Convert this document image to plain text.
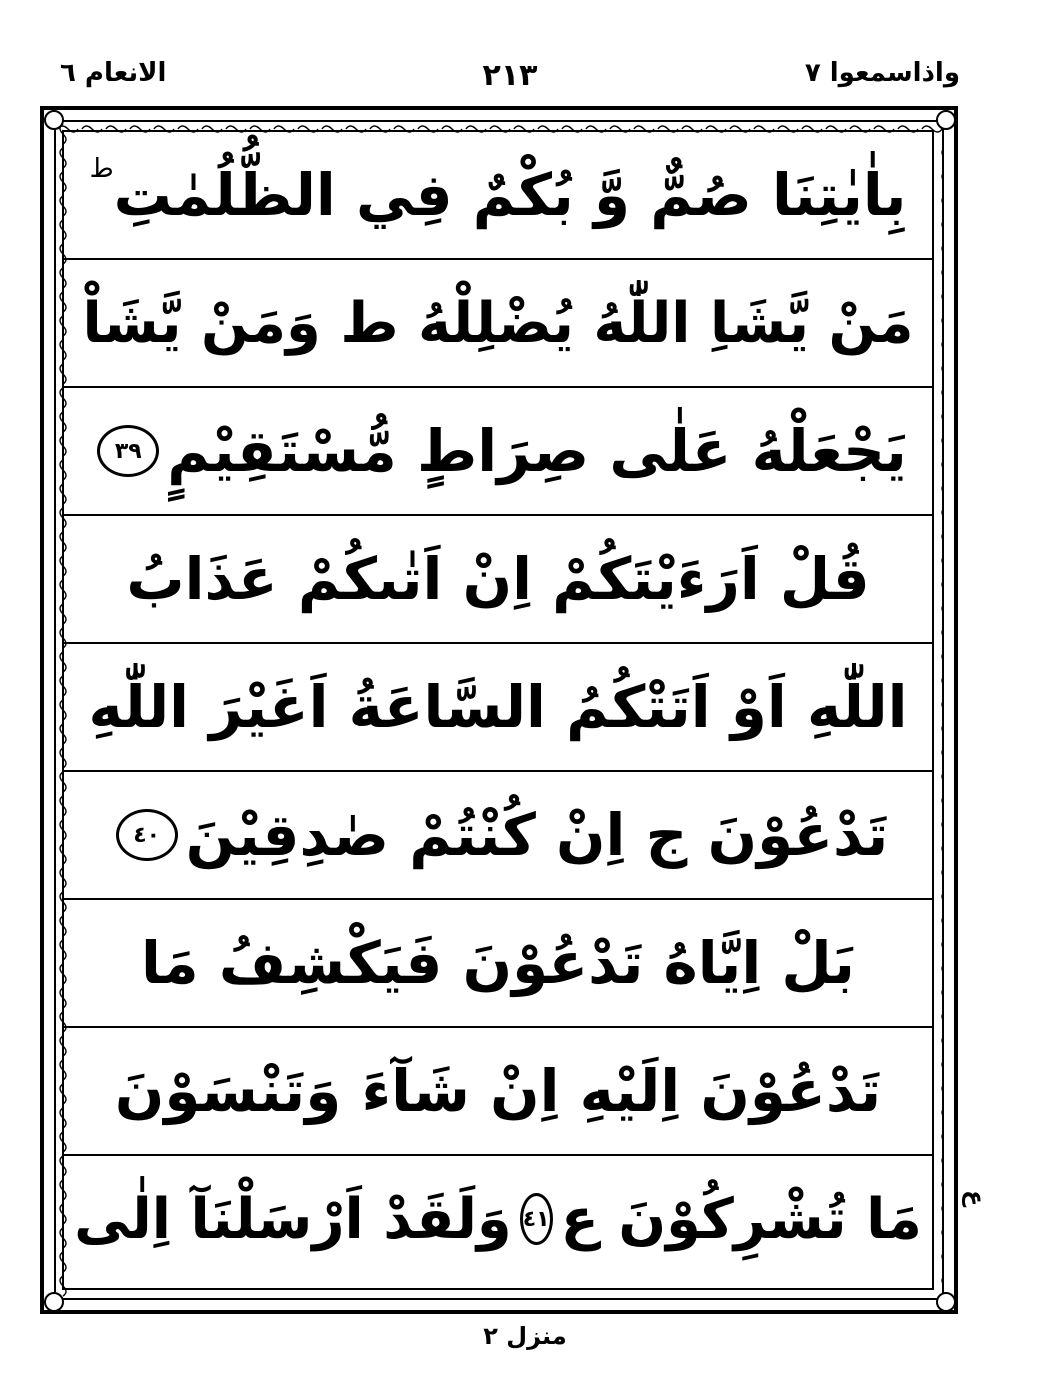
واذاسمعوا ٧
٢١٣
الانعام ٦
بِاٰيٰتِنَا صُمٌّ وَّ بُكْمٌ فِي الظُّلُمٰتِ
ط
مَنْ يَّشَاِ اللّٰهُ يُضْلِلْهُ ط وَمَنْ يَّشَاْ
يَجْعَلْهُ عَلٰى صِرَاطٍ مُّسْتَقِيْمٍ
٣٩
قُلْ اَرَءَيْتَكُمْ اِنْ اَتٰىكُمْ عَذَابُ
اللّٰهِ اَوْ اَتَتْكُمُ السَّاعَةُ اَغَيْرَ اللّٰهِ
تَدْعُوْنَ ج اِنْ كُنْتُمْ صٰدِقِيْنَ
٤٠
بَلْ اِيَّاهُ تَدْعُوْنَ فَيَكْشِفُ مَا
تَدْعُوْنَ اِلَيْهِ اِنْ شَآءَ وَتَنْسَوْنَ
مَا تُشْرِكُوْنَ ع
٤١
وَلَقَدْ اَرْسَلْنَآ اِلٰى	ع
منزل ٢
